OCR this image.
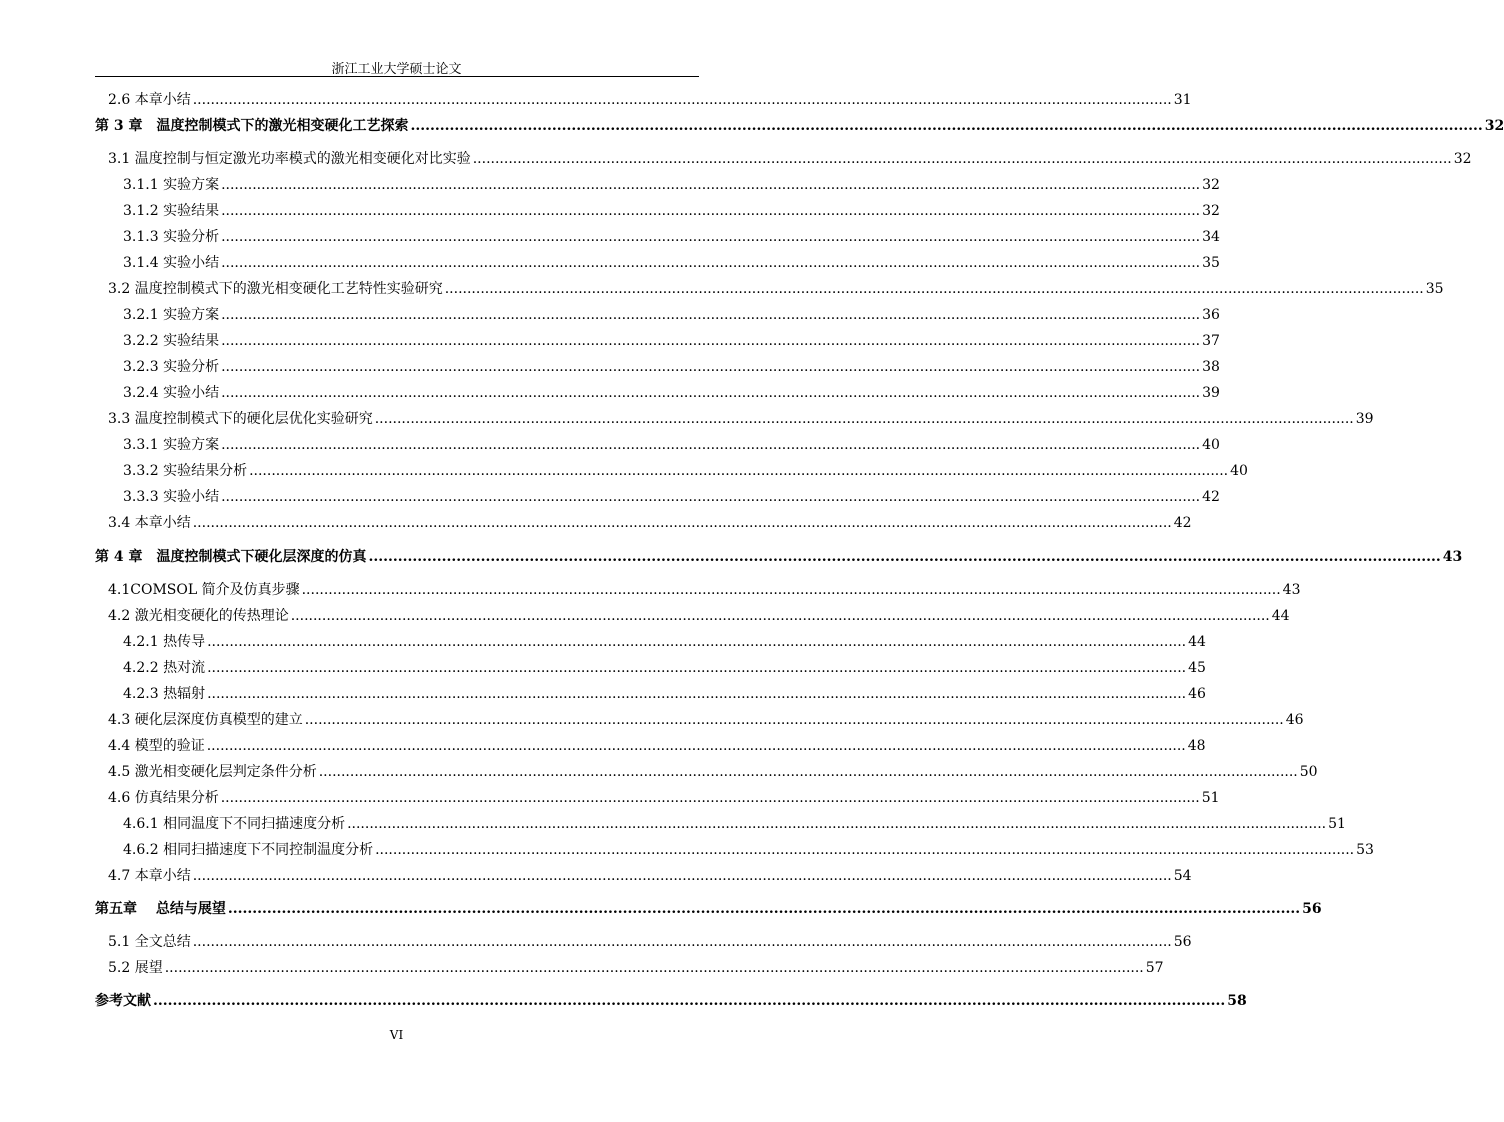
浙江工业大学硕士论文
2.6 本章小结 ............................................................................................................................................................................................................................ 31
第 3 章　温度控制模式下的激光相变硬化工艺探索 ............................................................................................................................................................................................................................ 32
3.1 温度控制与恒定激光功率模式的激光相变硬化对比实验 ............................................................................................................................................................................................................................ 32
3.1.1 实验方案 ............................................................................................................................................................................................................................ 32
3.1.2 实验结果 ............................................................................................................................................................................................................................ 32
3.1.3 实验分析 ............................................................................................................................................................................................................................ 34
3.1.4 实验小结 ............................................................................................................................................................................................................................ 35
3.2 温度控制模式下的激光相变硬化工艺特性实验研究 ............................................................................................................................................................................................................................ 35
3.2.1 实验方案 ............................................................................................................................................................................................................................ 36
3.2.2 实验结果 ............................................................................................................................................................................................................................ 37
3.2.3 实验分析 ............................................................................................................................................................................................................................ 38
3.2.4 实验小结 ............................................................................................................................................................................................................................ 39
3.3 温度控制模式下的硬化层优化实验研究 ............................................................................................................................................................................................................................ 39
3.3.1 实验方案 ............................................................................................................................................................................................................................ 40
3.3.2 实验结果分析 ............................................................................................................................................................................................................................ 40
3.3.3 实验小结 ............................................................................................................................................................................................................................ 42
3.4 本章小结 ............................................................................................................................................................................................................................ 42
第 4 章　温度控制模式下硬化层深度的仿真 ............................................................................................................................................................................................................................ 43
4.1COMSOL 简介及仿真步骤 ............................................................................................................................................................................................................................ 43
4.2 激光相变硬化的传热理论 ............................................................................................................................................................................................................................ 44
4.2.1 热传导 ............................................................................................................................................................................................................................ 44
4.2.2 热对流 ............................................................................................................................................................................................................................ 45
4.2.3 热辐射 ............................................................................................................................................................................................................................ 46
4.3 硬化层深度仿真模型的建立 ............................................................................................................................................................................................................................ 46
4.4 模型的验证 ............................................................................................................................................................................................................................ 48
4.5 激光相变硬化层判定条件分析 ............................................................................................................................................................................................................................ 50
4.6 仿真结果分析 ............................................................................................................................................................................................................................ 51
4.6.1 相同温度下不同扫描速度分析 ............................................................................................................................................................................................................................ 51
4.6.2 相同扫描速度下不同控制温度分析 ............................................................................................................................................................................................................................ 53
4.7 本章小结 ............................................................................................................................................................................................................................ 54
第五章　 总结与展望 ............................................................................................................................................................................................................................ 56
5.1 全文总结 ............................................................................................................................................................................................................................ 56
5.2 展望 ............................................................................................................................................................................................................................ 57
参考文献 ............................................................................................................................................................................................................................ 58
VI
